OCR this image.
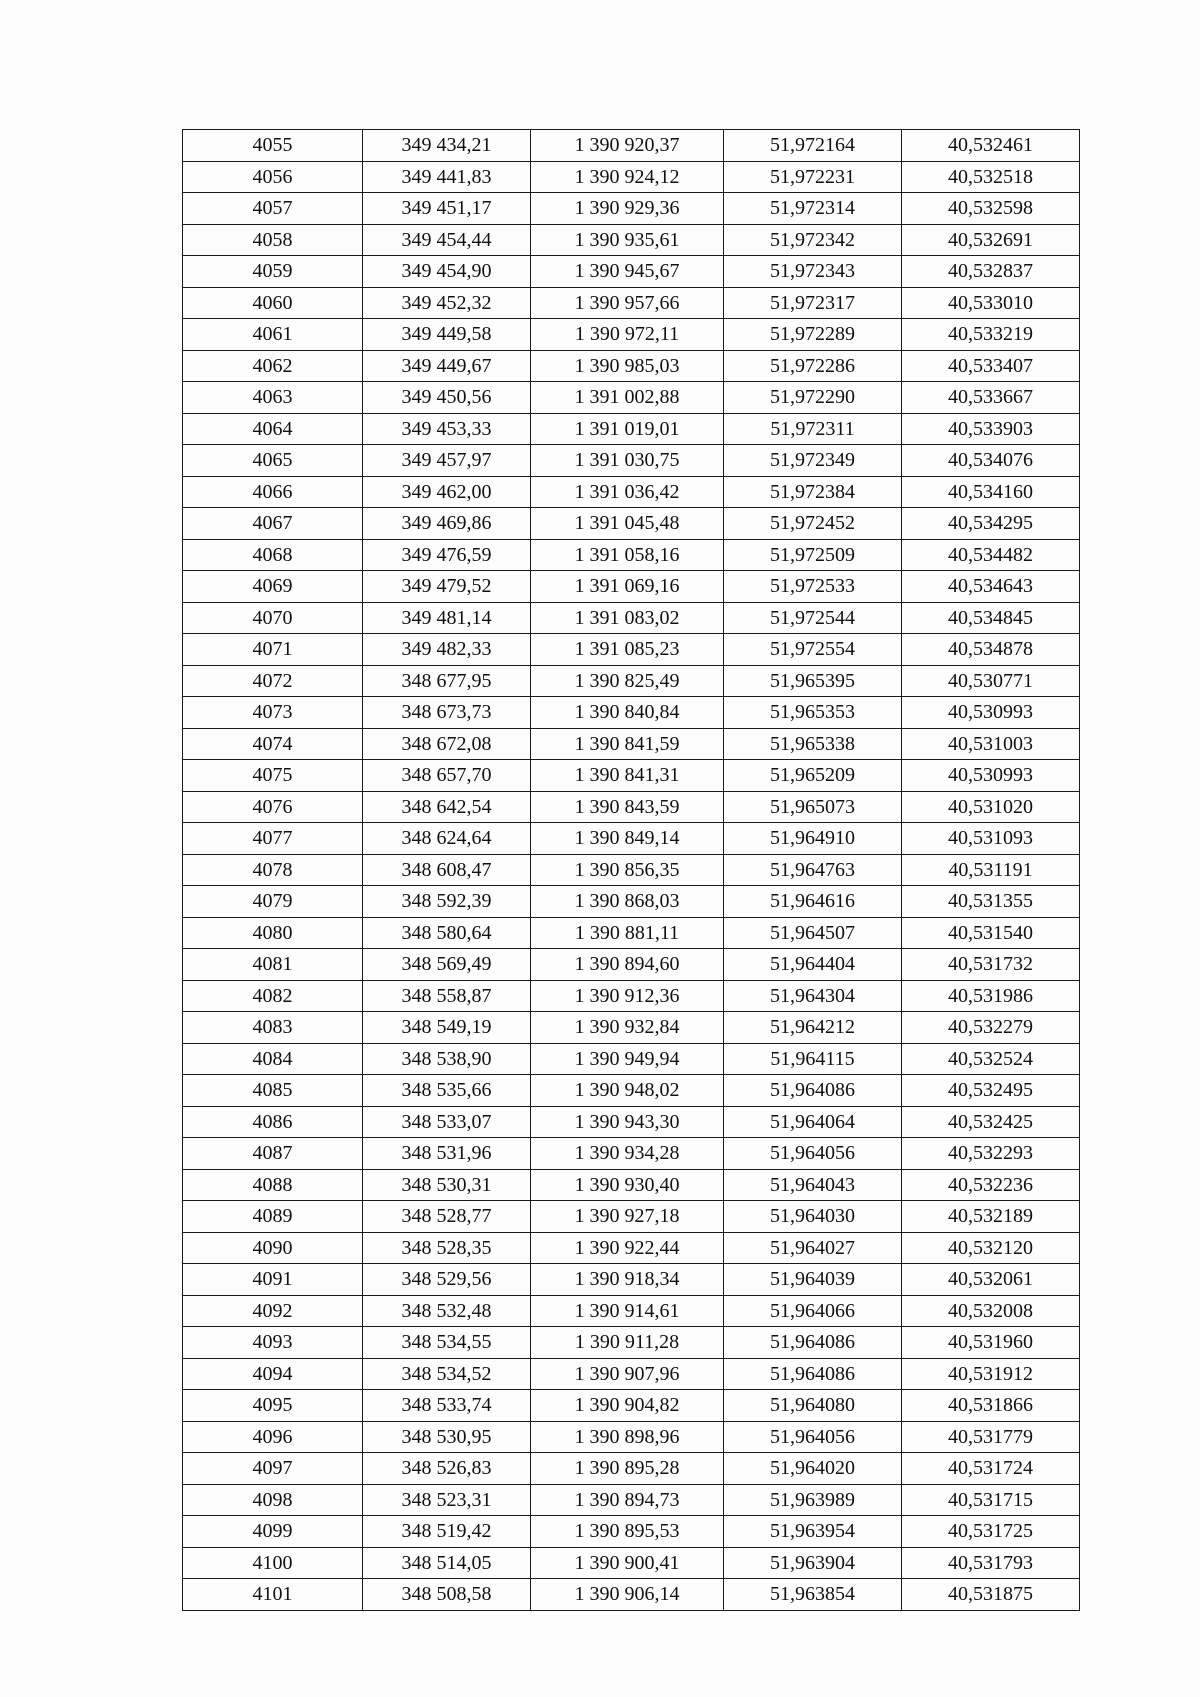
4055	349 434,21	1 390 920,37	51,972164	40,532461
4056	349 441,83	1 390 924,12	51,972231	40,532518
4057	349 451,17	1 390 929,36	51,972314	40,532598
4058	349 454,44	1 390 935,61	51,972342	40,532691
4059	349 454,90	1 390 945,67	51,972343	40,532837
4060	349 452,32	1 390 957,66	51,972317	40,533010
4061	349 449,58	1 390 972,11	51,972289	40,533219
4062	349 449,67	1 390 985,03	51,972286	40,533407
4063	349 450,56	1 391 002,88	51,972290	40,533667
4064	349 453,33	1 391 019,01	51,972311	40,533903
4065	349 457,97	1 391 030,75	51,972349	40,534076
4066	349 462,00	1 391 036,42	51,972384	40,534160
4067	349 469,86	1 391 045,48	51,972452	40,534295
4068	349 476,59	1 391 058,16	51,972509	40,534482
4069	349 479,52	1 391 069,16	51,972533	40,534643
4070	349 481,14	1 391 083,02	51,972544	40,534845
4071	349 482,33	1 391 085,23	51,972554	40,534878
4072	348 677,95	1 390 825,49	51,965395	40,530771
4073	348 673,73	1 390 840,84	51,965353	40,530993
4074	348 672,08	1 390 841,59	51,965338	40,531003
4075	348 657,70	1 390 841,31	51,965209	40,530993
4076	348 642,54	1 390 843,59	51,965073	40,531020
4077	348 624,64	1 390 849,14	51,964910	40,531093
4078	348 608,47	1 390 856,35	51,964763	40,531191
4079	348 592,39	1 390 868,03	51,964616	40,531355
4080	348 580,64	1 390 881,11	51,964507	40,531540
4081	348 569,49	1 390 894,60	51,964404	40,531732
4082	348 558,87	1 390 912,36	51,964304	40,531986
4083	348 549,19	1 390 932,84	51,964212	40,532279
4084	348 538,90	1 390 949,94	51,964115	40,532524
4085	348 535,66	1 390 948,02	51,964086	40,532495
4086	348 533,07	1 390 943,30	51,964064	40,532425
4087	348 531,96	1 390 934,28	51,964056	40,532293
4088	348 530,31	1 390 930,40	51,964043	40,532236
4089	348 528,77	1 390 927,18	51,964030	40,532189
4090	348 528,35	1 390 922,44	51,964027	40,532120
4091	348 529,56	1 390 918,34	51,964039	40,532061
4092	348 532,48	1 390 914,61	51,964066	40,532008
4093	348 534,55	1 390 911,28	51,964086	40,531960
4094	348 534,52	1 390 907,96	51,964086	40,531912
4095	348 533,74	1 390 904,82	51,964080	40,531866
4096	348 530,95	1 390 898,96	51,964056	40,531779
4097	348 526,83	1 390 895,28	51,964020	40,531724
4098	348 523,31	1 390 894,73	51,963989	40,531715
4099	348 519,42	1 390 895,53	51,963954	40,531725
4100	348 514,05	1 390 900,41	51,963904	40,531793
4101	348 508,58	1 390 906,14	51,963854	40,531875
